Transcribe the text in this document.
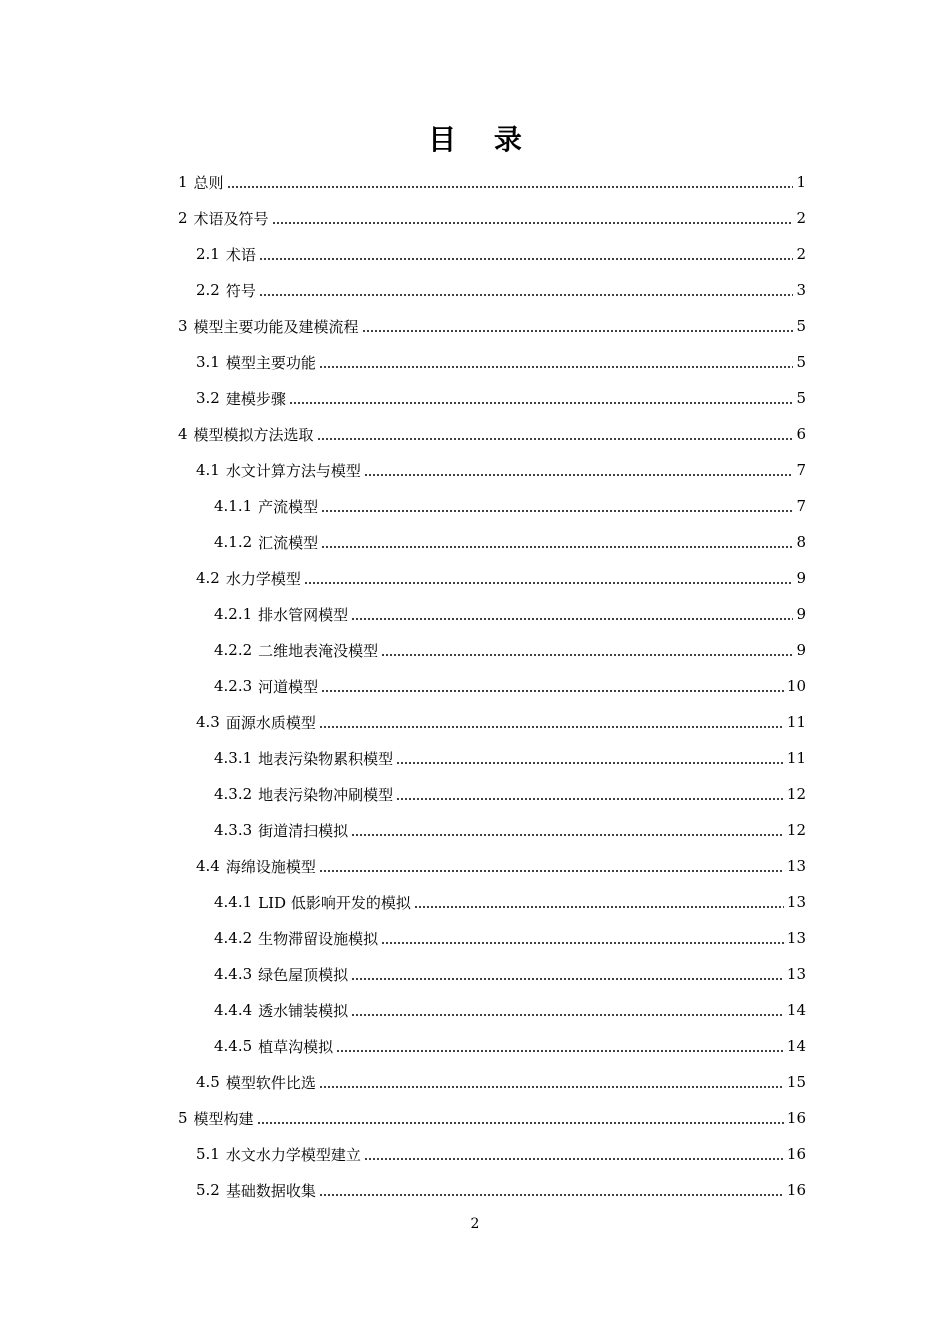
目 录
1 总则	1
2 术语及符号	2
2.1 术语	2
2.2 符号	3
3 模型主要功能及建模流程	5
3.1 模型主要功能	5
3.2 建模步骤	5
4 模型模拟方法选取	6
4.1 水文计算方法与模型	7
4.1.1 产流模型	7
4.1.2 汇流模型	8
4.2 水力学模型	9
4.2.1 排水管网模型	9
4.2.2 二维地表淹没模型	9
4.2.3 河道模型	10
4.3 面源水质模型	11
4.3.1 地表污染物累积模型	11
4.3.2 地表污染物冲刷模型	12
4.3.3 街道清扫模拟	12
4.4 海绵设施模型	13
4.4.1 LID 低影响开发的模拟	13
4.4.2 生物滞留设施模拟	13
4.4.3 绿色屋顶模拟	13
4.4.4 透水铺装模拟	14
4.4.5 植草沟模拟	14
4.5 模型软件比选	15
5 模型构建	16
5.1 水文水力学模型建立	16
5.2 基础数据收集	16
2
